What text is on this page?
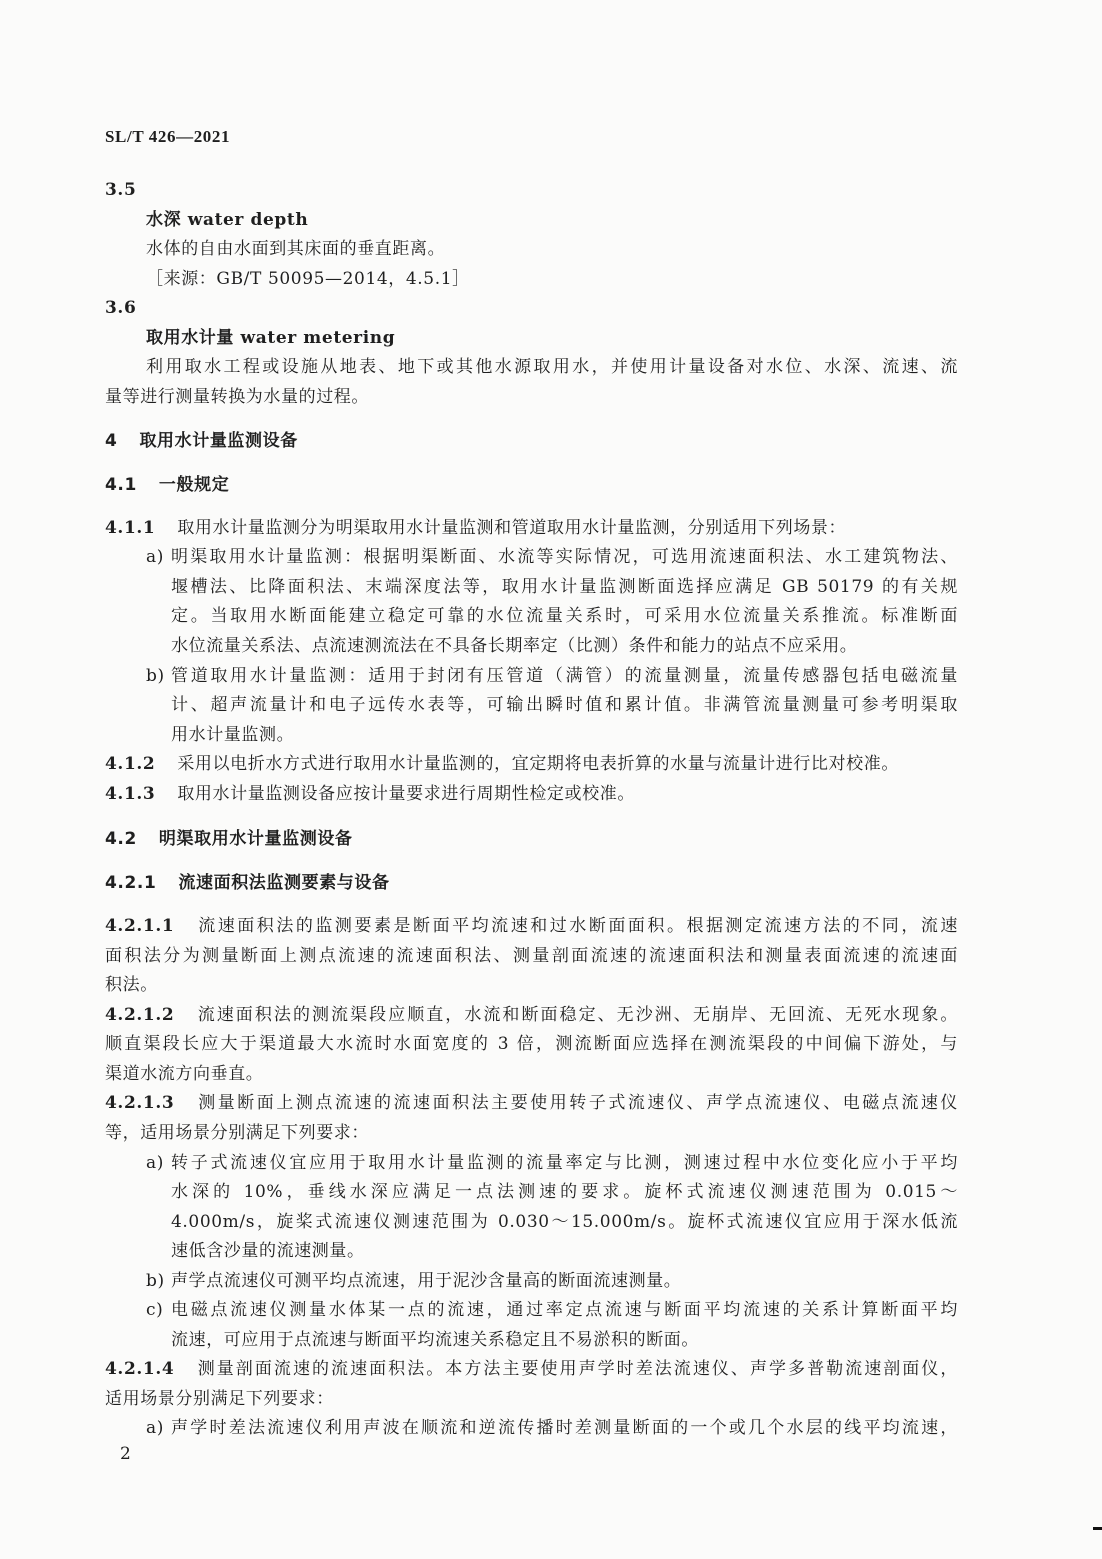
SL/T 426—2021
3.5
水深 water depth
水体的自由水面到其床面的垂直距离。
［来源：GB/T 50095—2014，4.5.1］
3.6
取用水计量 water metering
利用取水工程或设施从地表、地下或其他水源取用水，并使用计量设备对水位、水深、流速、流
量等进行测量转换为水量的过程。
4 取用水计量监测设备
4.1 一般规定
4.1.1 取用水计量监测分为明渠取用水计量监测和管道取用水计量监测，分别适用下列场景：
a) 明渠取用水计量监测：根据明渠断面、水流等实际情况，可选用流速面积法、水工建筑物法、
堰槽法、比降面积法、末端深度法等，取用水计量监测断面选择应满足 GB 50179 的有关规
定。当取用水断面能建立稳定可靠的水位流量关系时，可采用水位流量关系推流。标准断面
水位流量关系法、点流速测流法在不具备长期率定（比测）条件和能力的站点不应采用。
b) 管道取用水计量监测：适用于封闭有压管道（满管）的流量测量，流量传感器包括电磁流量
计、超声流量计和电子远传水表等，可输出瞬时值和累计值。非满管流量测量可参考明渠取
用水计量监测。
4.1.2 采用以电折水方式进行取用水计量监测的，宜定期将电表折算的水量与流量计进行比对校准。
4.1.3 取用水计量监测设备应按计量要求进行周期性检定或校准。
4.2 明渠取用水计量监测设备
4.2.1 流速面积法监测要素与设备
4.2.1.1 流速面积法的监测要素是断面平均流速和过水断面面积。根据测定流速方法的不同，流速
面积法分为测量断面上测点流速的流速面积法、测量剖面流速的流速面积法和测量表面流速的流速面
积法。
4.2.1.2 流速面积法的测流渠段应顺直，水流和断面稳定、无沙洲、无崩岸、无回流、无死水现象。
顺直渠段长应大于渠道最大水流时水面宽度的 3 倍，测流断面应选择在测流渠段的中间偏下游处，与
渠道水流方向垂直。
4.2.1.3 测量断面上测点流速的流速面积法主要使用转子式流速仪、声学点流速仪、电磁点流速仪
等，适用场景分别满足下列要求：
a) 转子式流速仪宜应用于取用水计量监测的流量率定与比测，测速过程中水位变化应小于平均
水深的 10%，垂线水深应满足一点法测速的要求。旋杯式流速仪测速范围为 0.015～
4.000m/s，旋桨式流速仪测速范围为 0.030～15.000m/s。旋杯式流速仪宜应用于深水低流
速低含沙量的流速测量。
b) 声学点流速仪可测平均点流速，用于泥沙含量高的断面流速测量。
c) 电磁点流速仪测量水体某一点的流速，通过率定点流速与断面平均流速的关系计算断面平均
流速，可应用于点流速与断面平均流速关系稳定且不易淤积的断面。
4.2.1.4 测量剖面流速的流速面积法。本方法主要使用声学时差法流速仪、声学多普勒流速剖面仪，
适用场景分别满足下列要求：
a) 声学时差法流速仪利用声波在顺流和逆流传播时差测量断面的一个或几个水层的线平均流速，
2
